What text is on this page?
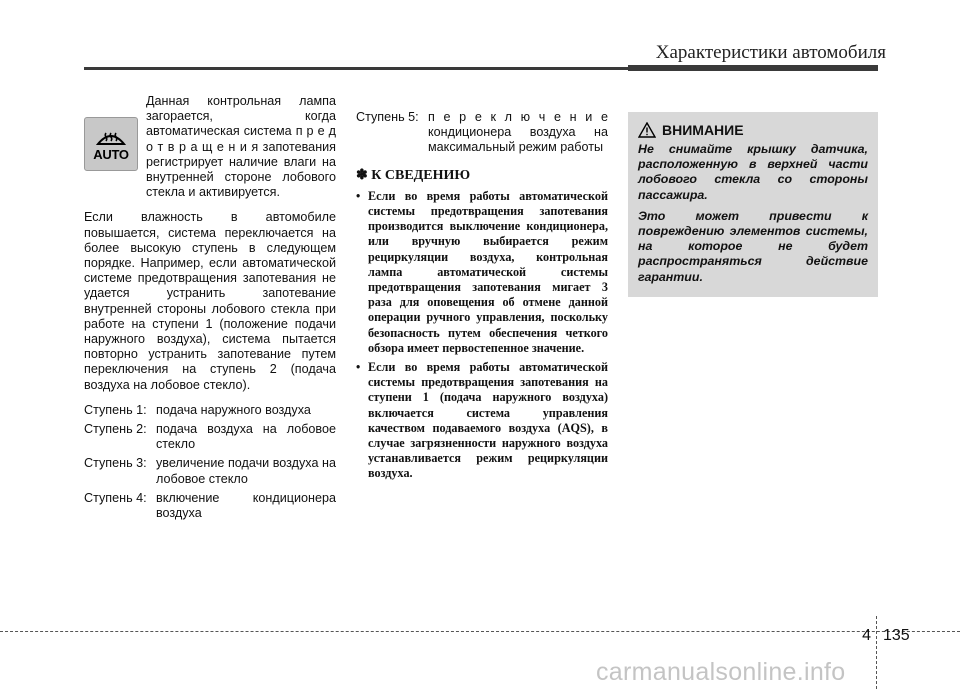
Характеристики автомобиля
AUTO

Данная контрольная лампа загорается, когда автоматическая система п р е д о т в р а щ е н и я запотевания регистрирует наличие влаги на внутренней стороне лобового стекла и активируется.

Если влажность в автомобиле повышается, система переключается на более высокую ступень в следующем порядке. Например, если автоматической системе предотвращения запотевания не удается устранить запотевание внутренней стороны лобового стекла при работе на ступени 1 (положение подачи наружного воздуха), система пытается повторно устранить запотевание путем переключения на ступень 2 (подача воздуха на лобовое стекло).

Ступень 1: подача наружного воздуха
Ступень 2: подача воздуха на лобовое стекло
Ступень 3: увеличение подачи воздуха на лобовое стекло
Ступень 4: включение кондиционера воздуха
Ступень 5: п е р е к л ю ч е н и е кондиционера воздуха на максимальный режим работы
✽ К СВЕДЕНИЮ
• Если во время работы автоматической системы предотвращения запотевания производится выключение кондиционера, или вручную выбирается режим рециркуляции воздуха, контрольная лампа автоматической системы предотвращения запотевания мигает 3 раза для оповещения об отмене данной операции ручного управления, поскольку безопасность путем обеспечения четкого обзора имеет первостепенное значение.
• Если во время работы автоматической системы предотвращения запотевания на ступени 1 (подача наружного воздуха) включается система управления качеством подаваемого воздуха (AQS), в случае загрязненности наружного воздуха устанавливается режим рециркуляции воздуха.
ВНИМАНИЕ

Не снимайте крышку датчика, расположенную в верхней части лобового стекла со стороны пассажира.

Это может привести к повреждению элементов системы, на которое не будет распространяться действие гарантии.

4 135
carmanualsonline.info
